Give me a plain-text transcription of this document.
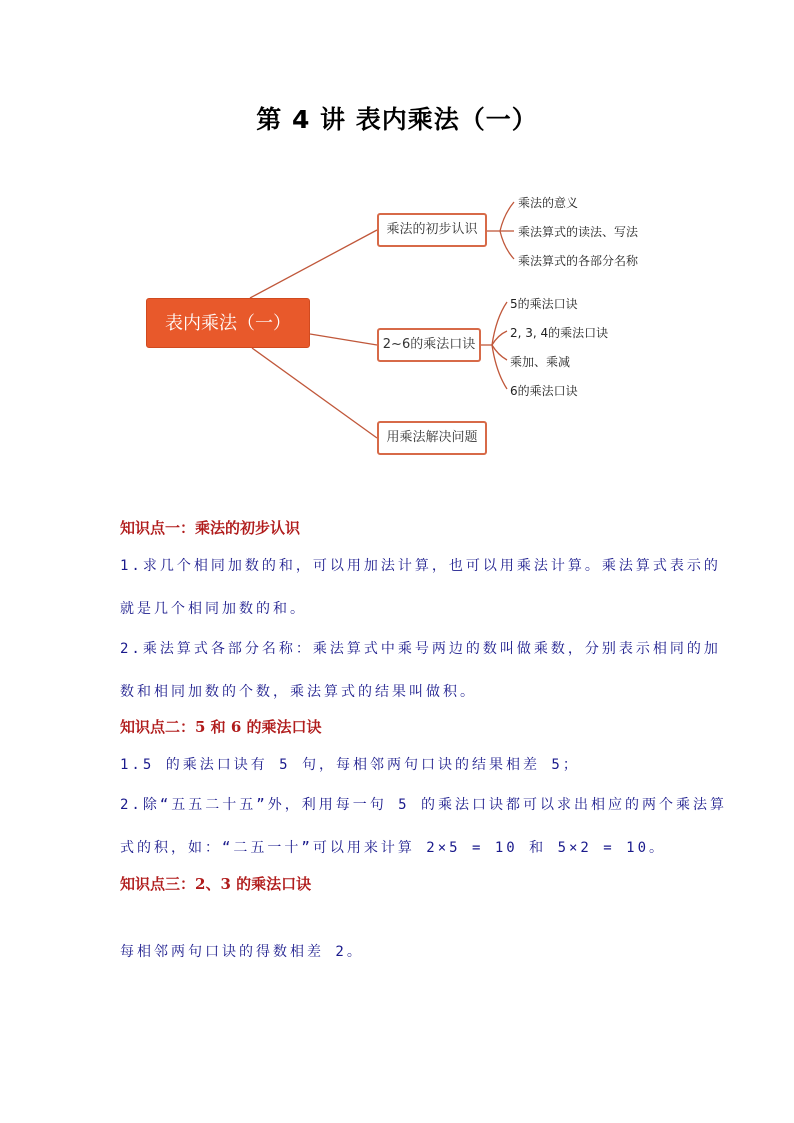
第 4 讲 表内乘法（一）
表内乘法（一）
乘法的初步认识
2~6的乘法口诀
用乘法解决问题
乘法的意义
乘法算式的读法、写法
乘法算式的各部分名称
5的乘法口诀
2, 3, 4的乘法口诀
乘加、乘减
6的乘法口诀
知识点一：乘法的初步认识
1.求几个相同加数的和，可以用加法计算，也可以用乘法计算。乘法算式表示的
就是几个相同加数的和。
2.乘法算式各部分名称：乘法算式中乘号两边的数叫做乘数，分别表示相同的加
数和相同加数的个数，乘法算式的结果叫做积。
知识点二：5 和 6 的乘法口诀
1.5 的乘法口诀有 5 句，每相邻两句口诀的结果相差 5；
2.除“五五二十五”外，利用每一句 5 的乘法口诀都可以求出相应的两个乘法算
式的积，如：“二五一十”可以用来计算 2×5 = 10 和 5×2 = 10。
知识点三：2、3 的乘法口诀
每相邻两句口诀的得数相差 2。
